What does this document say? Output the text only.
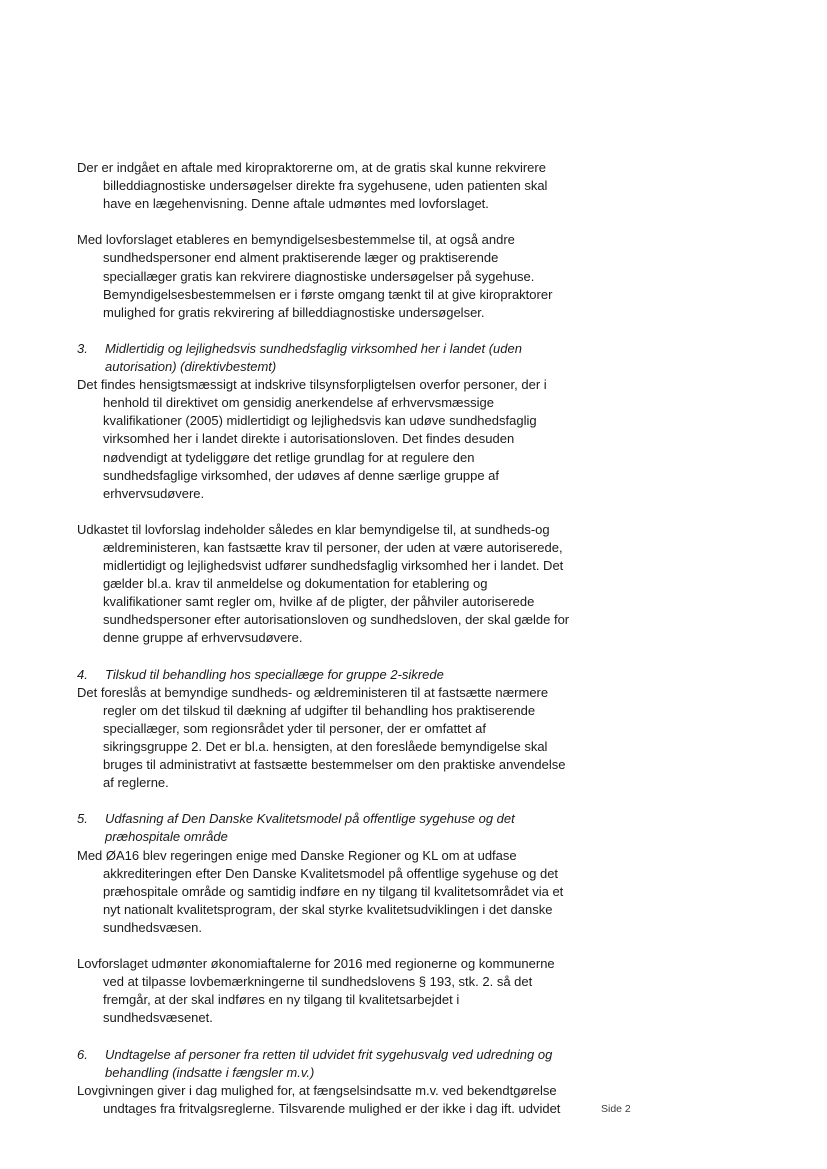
Der er indgået en aftale med kiropraktorerne om, at de gratis skal kunne rekvirere
billeddiagnostiske undersøgelser direkte fra sygehusene, uden patienten skal
have en lægehenvisning. Denne aftale udmøntes med lovforslaget.
Med lovforslaget etableres en bemyndigelsesbestemmelse til, at også andre
sundhedspersoner end alment praktiserende læger og praktiserende
speciallæger gratis kan rekvirere diagnostiske undersøgelser på sygehuse.
Bemyndigelsesbestemmelsen er i første omgang tænkt til at give kiropraktorer
mulighed for gratis rekvirering af billeddiagnostiske undersøgelser.
3. Midlertidig og lejlighedsvis sundhedsfaglig virksomhed her i landet (uden
autorisation) (direktivbestemt)
Det findes hensigtsmæssigt at indskrive tilsynsforpligtelsen overfor personer, der i
henhold til direktivet om gensidig anerkendelse af erhvervsmæssige
kvalifikationer (2005) midlertidigt og lejlighedsvis kan udøve sundhedsfaglig
virksomhed her i landet direkte i autorisationsloven. Det findes desuden
nødvendigt at tydeliggøre det retlige grundlag for at regulere den
sundhedsfaglige virksomhed, der udøves af denne særlige gruppe af
erhvervsudøvere.
Udkastet til lovforslag indeholder således en klar bemyndigelse til, at sundheds-og
ældreministeren, kan fastsætte krav til personer, der uden at være autoriserede,
midlertidigt og lejlighedsvist udfører sundhedsfaglig virksomhed her i landet. Det
gælder bl.a. krav til anmeldelse og dokumentation for etablering og
kvalifikationer samt regler om, hvilke af de pligter, der påhviler autoriserede
sundhedspersoner efter autorisationsloven og sundhedsloven, der skal gælde for
denne gruppe af erhvervsudøvere.
4. Tilskud til behandling hos speciallæge for gruppe 2-sikrede
Det foreslås at bemyndige sundheds- og ældreministeren til at fastsætte nærmere
regler om det tilskud til dækning af udgifter til behandling hos praktiserende
speciallæger, som regionsrådet yder til personer, der er omfattet af
sikringsgruppe 2. Det er bl.a. hensigten, at den foreslåede bemyndigelse skal
bruges til administrativt at fastsætte bestemmelser om den praktiske anvendelse
af reglerne.
5. Udfasning af Den Danske Kvalitetsmodel på offentlige sygehuse og det
præhospitale område
Med ØA16 blev regeringen enige med Danske Regioner og KL om at udfase
akkrediteringen efter Den Danske Kvalitetsmodel på offentlige sygehuse og det
præhospitale område og samtidig indføre en ny tilgang til kvalitetsområdet via et
nyt nationalt kvalitetsprogram, der skal styrke kvalitetsudviklingen i det danske
sundhedsvæsen.
Lovforslaget udmønter økonomiaftalerne for 2016 med regionerne og kommunerne
ved at tilpasse lovbemærkningerne til sundhedslovens § 193, stk. 2. så det
fremgår, at der skal indføres en ny tilgang til kvalitetsarbejdet i
sundhedsvæsenet.
6. Undtagelse af personer fra retten til udvidet frit sygehusvalg ved udredning og
behandling (indsatte i fængsler m.v.)
Lovgivningen giver i dag mulighed for, at fængselsindsatte m.v. ved bekendtgørelse
undtages fra fritvalgsreglerne. Tilsvarende mulighed er der ikke i dag ift. udvidet	Side 2
